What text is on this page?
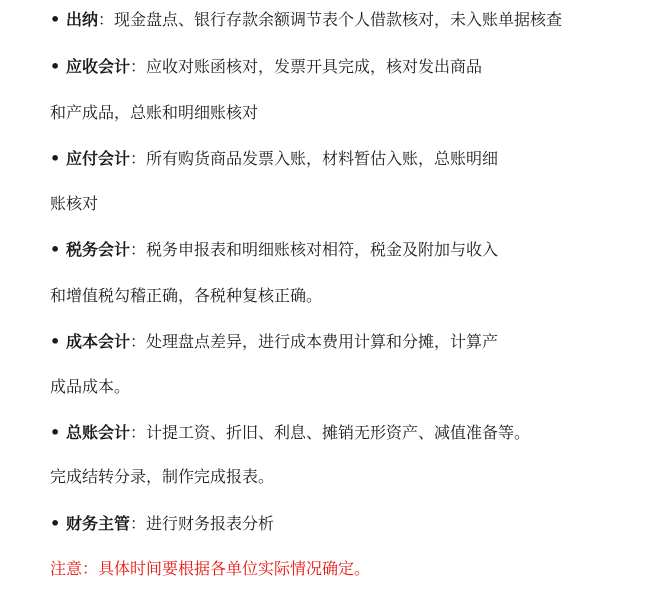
• 出纳：现金盘点、银行存款余额调节表个人借款核对，未入账单据核查
• 应收会计：应收对账函核对，发票开具完成，核对发出商品
和产成品，总账和明细账核对
• 应付会计：所有购货商品发票入账，材料暂估入账，总账明细
账核对
• 税务会计：税务申报表和明细账核对相符，税金及附加与收入
和增值税勾稽正确，各税种复核正确。
• 成本会计：处理盘点差异，进行成本费用计算和分摊，计算产
成品成本。
• 总账会计：计提工资、折旧、利息、摊销无形资产、减值准备等。
完成结转分录，制作完成报表。
• 财务主管：进行财务报表分析
注意：具体时间要根据各单位实际情况确定。
